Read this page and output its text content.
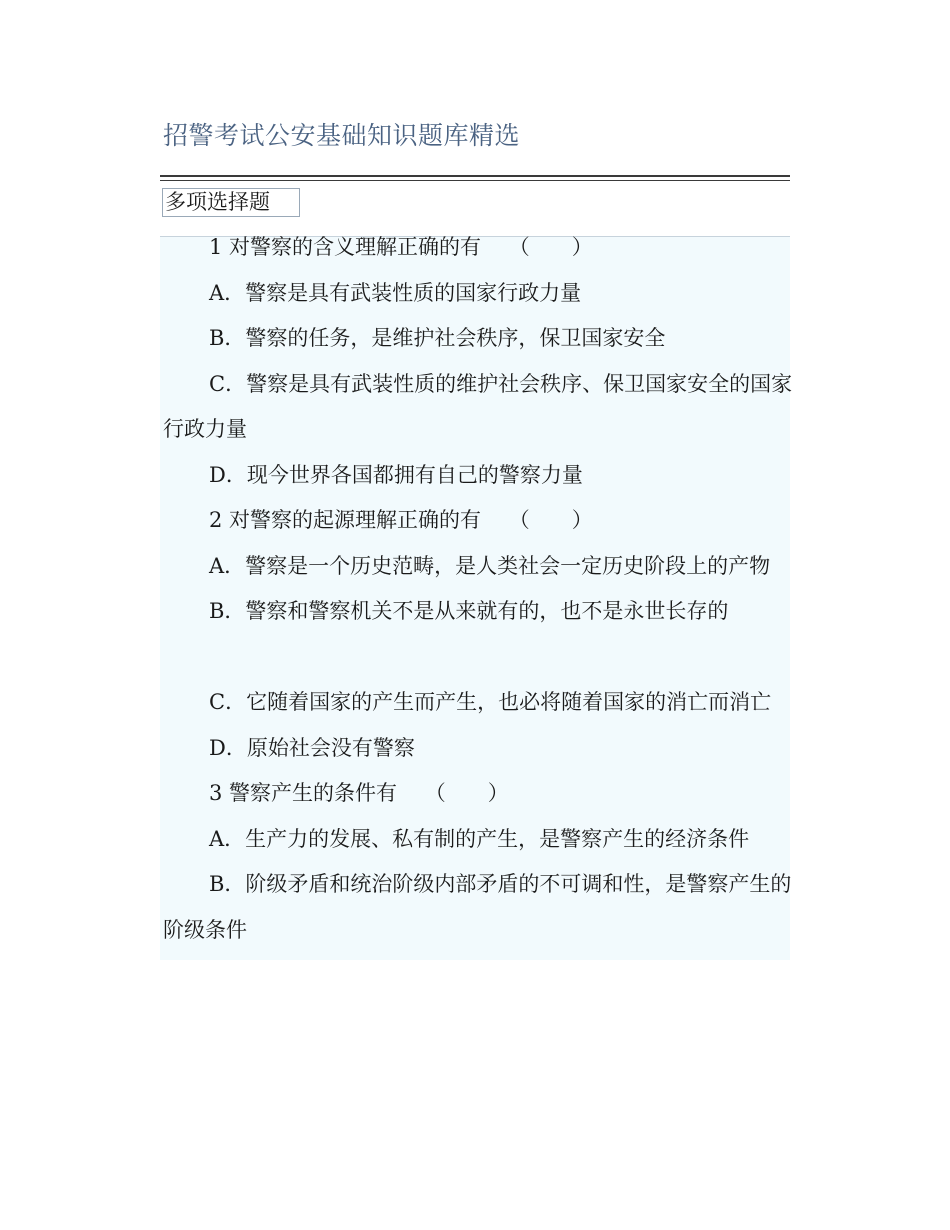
招警考试公安基础知识题库精选
多项选择题

1 对警察的含义理解正确的有　 （　　）

A．警察是具有武装性质的国家行政力量

B．警察的任务，是维护社会秩序，保卫国家安全

C．警察是具有武装性质的维护社会秩序、保卫国家安全的国家行政力量

D．现今世界各国都拥有自己的警察力量

2 对警察的起源理解正确的有　 （　　）

A．警察是一个历史范畴，是人类社会一定历史阶段上的产物

B．警察和警察机关不是从来就有的，也不是永世长存的

C．它随着国家的产生而产生，也必将随着国家的消亡而消亡

D．原始社会没有警察

3 警察产生的条件有　 （　　）

A．生产力的发展、私有制的产生，是警察产生的经济条件

B．阶级矛盾和统治阶级内部矛盾的不可调和性，是警察产生的阶级条件
